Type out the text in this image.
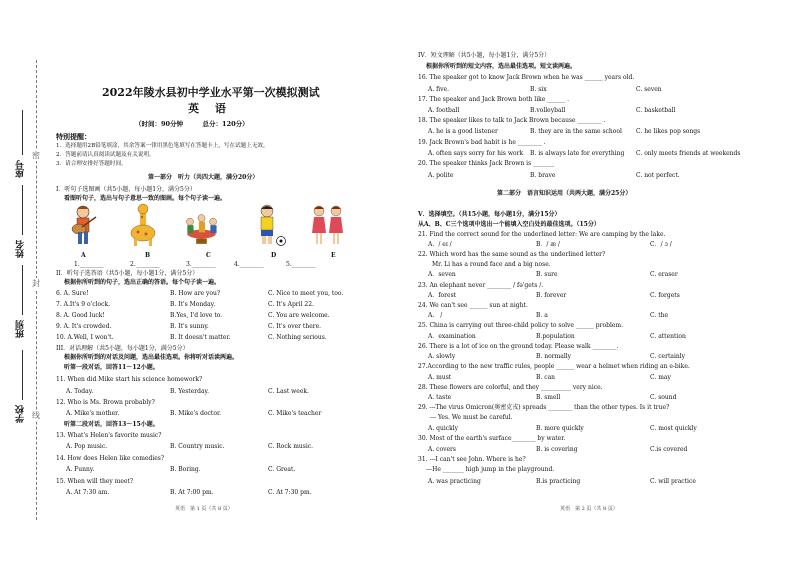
座号
姓名
班别
学校
密
封
线
2022年陵水县初中学业水平第一次模拟测试
英 语
（时间：90分钟　　　总分：120分）
特别提醒：
1．选择题用2B铅笔填涂，其余答案一律用黑色笔填写在答题卡上，写在试题上无效。
2．答题前请认真阅读试题及有关说明。
3．请合理安排好答题时间。
第一部分　听力（共四大题，满分20分）
I．听句子选图画（共5小题，每小题1分，满分5分）
看图听句子，选出与句子意思一致的图画。每个句子读一遍。
A	B	C	D	E
1.________	2.________	3.________	4.________	5.________
II．听句子选答语（共5小题，每小题1分，满分5分）
根据你所听到的句子，选出正确的答语。每个句子读一遍。
6. A. Sure!	B. How are you?	C. Nice to meet you, too.
7. A.It's 9 o'clock.	B. It's Monday.	C. It's April 22.
8. A. Good luck!	B.Yes, I'd love to.	C. You are welcome.
9. A. It's crowded.	B. It's sunny.	C. It's over there.
10. A.Well, I won't.	B. It doesn't matter.	C. Nothing serious.
III．对话理解（共5小题，每小题1分，满分5分）
根据你所听到的对话及问题，选出最佳选项。你将听对话读两遍。
听第一段对话，回答11～12小题。
11. When did Mike start his science homework?
A. Today.	B. Yesterday.	C. Last week.
12. Who is Ms. Brown probably?
A. Mike's mother.	B. Mike's doctor.	C. Mike's teacher
听第二段对话，回答13～15小题。
13. What's Helen's favorite music?
A. Pop music.	B. Country music.	C. Rock music.
14. How does Helen like comedies?
A. Funny.	B. Boring.	C. Great.
15. When will they meet?
A. At 7:30 am.	B. At 7:00 pm.	C. At 7:30 pm.
英语　第 1 页（共 8 页）
IV．短文理解（共5小题，每小题1分，满分5分）
根据你所听到的短文内容，选出最佳选项。短文读两遍。
16. The speaker got to know Jack Brown when he was ______ years old.
A. five.	B. six	C. seven
17. The speaker and Jack Brown both like ______ .
A. football	B.volleyball	C. basketball
18. The speaker likes to talk to Jack Brown because ________ .
A. he is a good listener	B. they are in the same school C. he likes pop songs
19. Jack Brown's bad habit is he ________ .
A. often says sorry for his work B. is always late for everything C. only meets friends at weekends
20. The speaker thinks Jack Brown is _______
A. polite	B. brave	C. not perfect.
第二部分　语言知识运用（共两大题，满分25分）
V．选择填空。（共15小题，每小题1分，满分15分）
从A、B、C三个选项中选出一个能填入空白处的最佳选项。（15分）
21. Find the correct sound for the underlined letter: We are camping by the lake.
A．/ eɪ /	B．/ æ /	C．/ ɔ /
22. Which word has the same sound as the underlined letter?
Mr. Li has a round face and a big nose.
A．seven	B. sure	C. eraser
23. An elephant never ________ / fəˈɡets /.
A．forest	B. forever	C. forgets
24. We can't see ______ sun at night.
A.　/	B. a	C. the
25. China is carrying out three-child policy to solve ______ problem.
A．examination	B.population	C. attention
26. There is a lot of ice on the ground today. Please walk ________.
A. slowly	B. normally	C. certainly
27.According to the new traffic rules, people ______ wear a helmet when riding an e-bike.
A. must	B. can	C. may
28. These flowers are colorful, and they __________ very nice.
A. taste	B. smell	C. sound
29. ---The virus Omicron(奥密克戎) spreads ________ than the other types. Is it true?
--- Yes. We must be careful.
A. quickly	B. more quickly	C. most quickly
30. Most of the earth's surface________ by water.
A. covers	B. is covering	C.is covered
31. ---I can't see John. Where is he?
---He _______ high jump in the playground.
A. was practicing	B.is practicing	C. will practice
英语　第 2 页（共 8 页）
